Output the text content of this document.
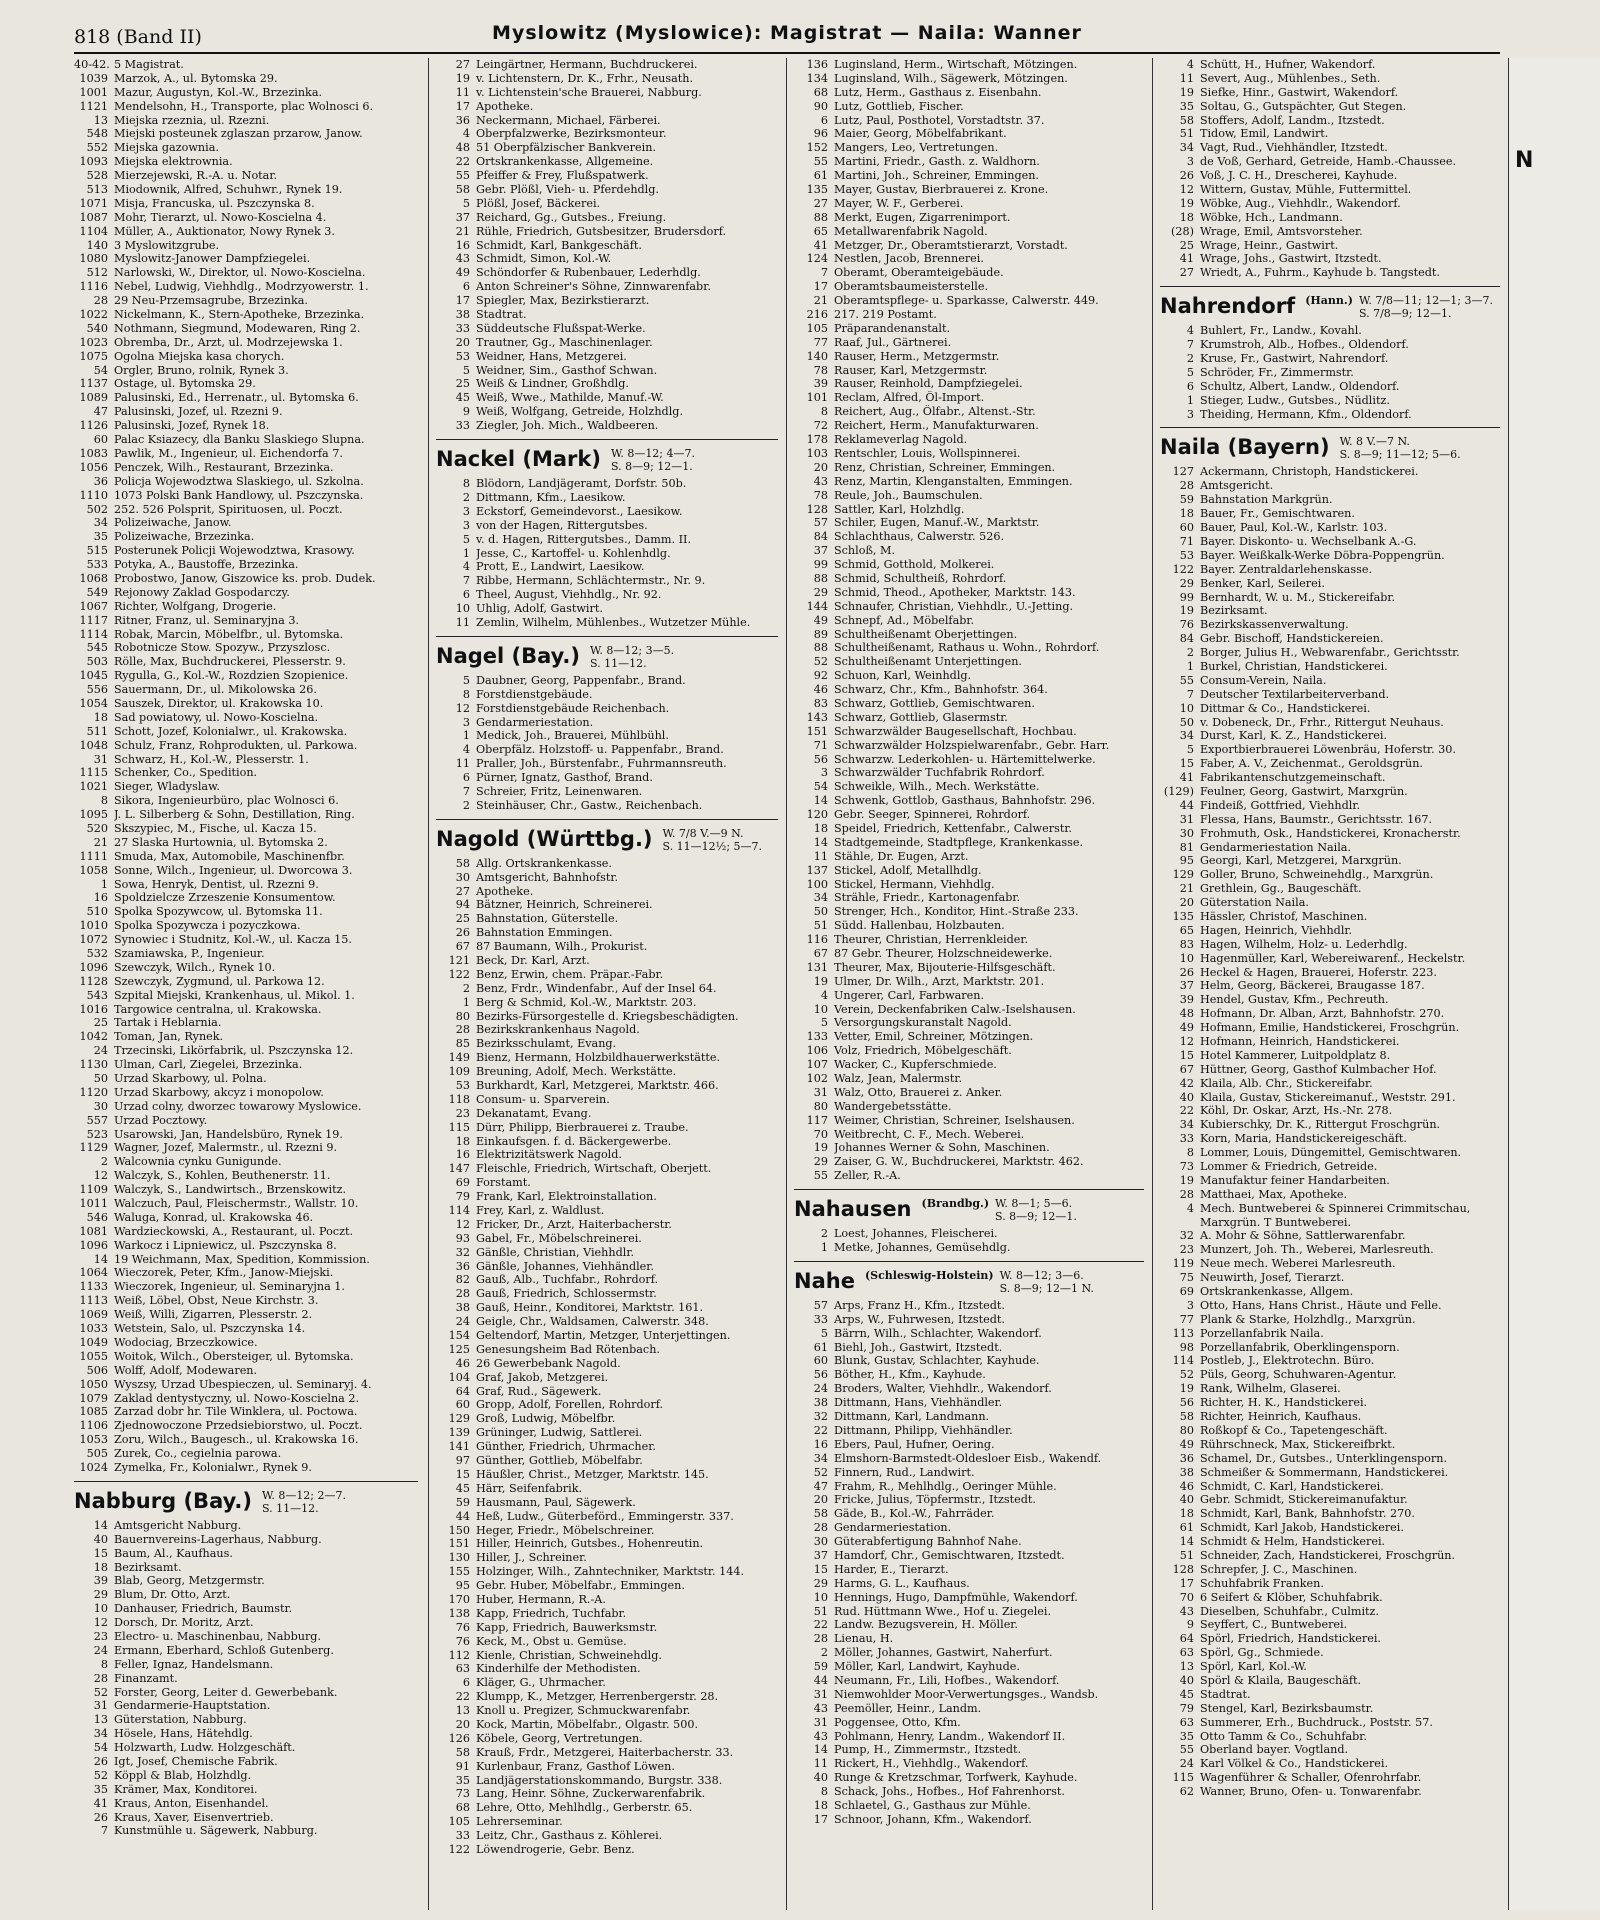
818 (Band II)	Myslowitz (Myslowice): Magistrat — Naila: Wanner
40-42. 5 Magistrat.
1039 Marzok, A., ul. Bytomska 29.
1001 Mazur, Augustyn, Kol.-W., Brzezinka.
1121 Mendelsohn, H., Transporte, plac Wolnosci 6.
13 Miejska rzeznia, ul. Rzezni.
548 Miejski posteunek zglaszan przarow, Janow.
552 Miejska gazownia.
1093 Miejska elektrownia.
528 Mierzejewski, R.-A. u. Notar.
513 Miodownik, Alfred, Schuhwr., Rynek 19.
1071 Misja, Francuska, ul. Pszczynska 8.
1087 Mohr, Tierarzt, ul. Nowo-Koscielna 4.
1104 Müller, A., Auktionator, Nowy Rynek 3.
140 3 Myslowitzgrube.
1080 Myslowitz-Janower Dampfziegelei.
512 Narlowski, W., Direktor, ul. Nowo-Koscielna.
1116 Nebel, Ludwig, Viehhdlg., Modrzyowerstr. 1.
28 29 Neu-Przemsagrube, Brzezinka.
1022 Nickelmann, K., Stern-Apotheke, Brzezinka.
540 Nothmann, Siegmund, Modewaren, Ring 2.
1023 Obremba, Dr., Arzt, ul. Modrzejewska 1.
1075 Ogolna Miejska kasa chorych.
54 Orgler, Bruno, rolnik, Rynek 3.
1137 Ostage, ul. Bytomska 29.
1089 Palusinski, Ed., Herrenatr., ul. Bytomska 6.
47 Palusinski, Jozef, ul. Rzezni 9.
1126 Palusinski, Jozef, Rynek 18.
60 Palac Ksiazecy, dla Banku Slaskiego Slupna.
1083 Pawlik, M., Ingenieur, ul. Eichendorfa 7.
1056 Penczek, Wilh., Restaurant, Brzezinka.
36 Policja Wojewodztwa Slaskiego, ul. Szkolna.
1110 1073 Polski Bank Handlowy, ul. Pszczynska.
502 252. 526 Polsprit, Spirituosen, ul. Poczt.
34 Polizeiwache, Janow.
35 Polizeiwache, Brzezinka.
515 Posterunek Policji Wojewodztwa, Krasowy.
533 Potyka, A., Baustoffe, Brzezinka.
1068 Probostwo, Janow, Giszowice ks. prob. Dudek.
549 Rejonowy Zaklad Gospodarczy.
1067 Richter, Wolfgang, Drogerie.
1117 Ritner, Franz, ul. Seminaryjna 3.
1114 Robak, Marcin, Möbelfbr., ul. Bytomska.
545 Robotnicze Stow. Spozyw., Przyszlosc.
503 Rölle, Max, Buchdruckerei, Plesserstr. 9.
1045 Rygulla, G., Kol.-W., Rozdzien Szopienice.
556 Sauermann, Dr., ul. Mikolowska 26.
1054 Sauszek, Direktor, ul. Krakowska 10.
18 Sad powiatowy, ul. Nowo-Koscielna.
511 Schott, Jozef, Kolonialwr., ul. Krakowska.
1048 Schulz, Franz, Rohprodukten, ul. Parkowa.
31 Schwarz, H., Kol.-W., Plesserstr. 1.
1115 Schenker, Co., Spedition.
1021 Sieger, Wladyslaw.
8 Sikora, Ingenieurbüro, plac Wolnosci 6.
1095 J. L. Silberberg & Sohn, Destillation, Ring.
520 Skszypiec, M., Fische, ul. Kacza 15.
21 27 Slaska Hurtownia, ul. Bytomska 2.
1111 Smuda, Max, Automobile, Maschinenfbr.
1058 Sonne, Wilch., Ingenieur, ul. Dworcowa 3.
1 Sowa, Henryk, Dentist, ul. Rzezni 9.
16 Spoldzielcze Zrzeszenie Konsumentow.
510 Spolka Spozywcow, ul. Bytomska 11.
1010 Spolka Spozywcza i pozyczkowa.
1072 Synowiec i Studnitz, Kol.-W., ul. Kacza 15.
532 Szamiawska, P., Ingenieur.
1096 Szewczyk, Wilch., Rynek 10.
1128 Szewczyk, Zygmund, ul. Parkowa 12.
543 Szpital Miejski, Krankenhaus, ul. Mikol. 1.
1016 Targowice centralna, ul. Krakowska.
25 Tartak i Heblarnia.
1042 Toman, Jan, Rynek.
24 Trzecinski, Likörfabrik, ul. Pszczynska 12.
1130 Ulman, Carl, Ziegelei, Brzezinka.
50 Urzad Skarbowy, ul. Polna.
1120 Urzad Skarbowy, akcyz i monopolow.
30 Urzad colny, dworzec towarowy Myslowice.
557 Urzad Pocztowy.
523 Usarowski, Jan, Handelsbüro, Rynek 19.
1129 Wagner, Jozef, Malermstr., ul. Rzezni 9.
2 Walcownia cynku Gunigunde.
12 Walczyk, S., Kohlen, Beuthenerstr. 11.
1109 Walczyk, S., Landwirtsch., Brzenskowitz.
1011 Walczuch, Paul, Fleischermstr., Wallstr. 10.
546 Waluga, Konrad, ul. Krakowska 46.
1081 Wardzieckowski, A., Restaurant, ul. Poczt.
1096 Warkocz i Lipniewicz, ul. Pszczynska 8.
14 19 Weichmann, Max, Spedition, Kommission.
1064 Wieczorek, Peter, Kfm., Janow-Miejski.
1133 Wieczorek, Ingenieur, ul. Seminaryjna 1.
1113 Weiß, Löbel, Obst, Neue Kirchstr. 3.
1069 Weiß, Willi, Zigarren, Plesserstr. 2.
1033 Wetstein, Salo, ul. Pszczynska 14.
1049 Wodociag, Brzeczkowice.
1055 Woitok, Wilch., Obersteiger, ul. Bytomska.
506 Wolff, Adolf, Modewaren.
1050 Wyszsy, Urzad Ubespieczen, ul. Seminaryj. 4.
1079 Zaklad dentystyczny, ul. Nowo-Koscielna 2.
1085 Zarzad dobr hr. Tile Winklera, ul. Poctowa.
1106 Zjednowoczone Przedsiebiorstwo, ul. Poczt.
1053 Zoru, Wilch., Baugesch., ul. Krakowska 16.
505 Zurek, Co., cegielnia parowa.
1024 Zymelka, Fr., Kolonialwr., Rynek 9.
Nabburg (Bay.) W. 8—12; 2—7.
S. 11—12.
14 Amtsgericht Nabburg.
40 Bauernvereins-Lagerhaus, Nabburg.
15 Baum, Al., Kaufhaus.
18 Bezirksamt.
39 Blab, Georg, Metzgermstr.
29 Blum, Dr. Otto, Arzt.
10 Danhauser, Friedrich, Baumstr.
12 Dorsch, Dr. Moritz, Arzt.
23 Electro- u. Maschinenbau, Nabburg.
24 Ermann, Eberhard, Schloß Gutenberg.
8 Feller, Ignaz, Handelsmann.
28 Finanzamt.
52 Forster, Georg, Leiter d. Gewerbebank.
31 Gendarmerie-Hauptstation.
13 Güterstation, Nabburg.
34 Hösele, Hans, Hätehdlg.
54 Holzwarth, Ludw. Holzgeschäft.
26 Igt, Josef, Chemische Fabrik.
52 Köppl & Blab, Holzhdlg.
35 Krämer, Max, Konditorei.
41 Kraus, Anton, Eisenhandel.
26 Kraus, Xaver, Eisenvertrieb.
7 Kunstmühle u. Sägewerk, Nabburg.
27 Leingärtner, Hermann, Buchdruckerei.
19 v. Lichtenstern, Dr. K., Frhr., Neusath.
11 v. Lichtenstein'sche Brauerei, Nabburg.
17 Apotheke.
36 Neckermann, Michael, Färberei.
4 Oberpfalzwerke, Bezirksmonteur.
48 51 Oberpfälzischer Bankverein.
22 Ortskrankenkasse, Allgemeine.
55 Pfeiffer & Frey, Flußspatwerk.
58 Gebr. Plößl, Vieh- u. Pferdehdlg.
5 Plößl, Josef, Bäckerei.
37 Reichard, Gg., Gutsbes., Freiung.
21 Rühle, Friedrich, Gutsbesitzer, Brudersdorf.
16 Schmidt, Karl, Bankgeschäft.
43 Schmidt, Simon, Kol.-W.
49 Schöndorfer & Rubenbauer, Lederhdlg.
6 Anton Schreiner's Söhne, Zinnwarenfabr.
17 Spiegler, Max, Bezirkstierarzt.
38 Stadtrat.
33 Süddeutsche Flußspat-Werke.
20 Trautner, Gg., Maschinenlager.
53 Weidner, Hans, Metzgerei.
5 Weidner, Sim., Gasthof Schwan.
25 Weiß & Lindner, Großhdlg.
45 Weiß, Wwe., Mathilde, Manuf.-W.
9 Weiß, Wolfgang, Getreide, Holzhdlg.
33 Ziegler, Joh. Mich., Waldbeeren.
Nackel (Mark) W. 8—12; 4—7.
S. 8—9; 12—1.
8 Blödorn, Landjägeramt, Dorfstr. 50b.
2 Dittmann, Kfm., Laesikow.
3 Eckstorf, Gemeindevorst., Laesikow.
3 von der Hagen, Rittergutsbes.
5 v. d. Hagen, Rittergutsbes., Damm. II.
1 Jesse, C., Kartoffel- u. Kohlenhdlg.
4 Prott, E., Landwirt, Laesikow.
7 Ribbe, Hermann, Schlächtermstr., Nr. 9.
6 Theel, August, Viehhdlg., Nr. 92.
10 Uhlig, Adolf, Gastwirt.
11 Zemlin, Wilhelm, Mühlenbes., Wutzetzer Mühle.
Nagel (Bay.) W. 8—12; 3—5.
S. 11—12.
5 Daubner, Georg, Pappenfabr., Brand.
8 Forstdienstgebäude.
12 Forstdienstgebäude Reichenbach.
3 Gendarmeriestation.
1 Medick, Joh., Brauerei, Mühlbühl.
4 Oberpfälz. Holzstoff- u. Pappenfabr., Brand.
11 Praller, Joh., Bürstenfabr., Fuhrmannsreuth.
6 Pürner, Ignatz, Gasthof, Brand.
7 Schreier, Fritz, Leinenwaren.
2 Steinhäuser, Chr., Gastw., Reichenbach.
Nagold (Württbg.) W. 7/8 V.—9 N.
S. 11—12½; 5—7.
58 Allg. Ortskrankenkasse.
30 Amtsgericht, Bahnhofstr.
27 Apotheke.
94 Bätzner, Heinrich, Schreinerei.
25 Bahnstation, Güterstelle.
26 Bahnstation Emmingen.
67 87 Baumann, Wilh., Prokurist.
121 Beck, Dr. Karl, Arzt.
122 Benz, Erwin, chem. Präpar.-Fabr.
2 Benz, Frdr., Windenfabr., Auf der Insel 64.
1 Berg & Schmid, Kol.-W., Marktstr. 203.
80 Bezirks-Fürsorgestelle d. Kriegsbeschädigten.
28 Bezirkskrankenhaus Nagold.
85 Bezirksschulamt, Evang.
149 Bienz, Hermann, Holzbildhauerwerkstätte.
109 Breuning, Adolf, Mech. Werkstätte.
53 Burkhardt, Karl, Metzgerei, Marktstr. 466.
118 Consum- u. Sparverein.
23 Dekanatamt, Evang.
115 Dürr, Philipp, Bierbrauerei z. Traube.
18 Einkaufsgen. f. d. Bäckergewerbe.
16 Elektrizitätswerk Nagold.
147 Fleischle, Friedrich, Wirtschaft, Oberjett.
69 Forstamt.
79 Frank, Karl, Elektroinstallation.
114 Frey, Karl, z. Waldlust.
12 Fricker, Dr., Arzt, Haiterbacherstr.
93 Gabel, Fr., Möbelschreinerei.
32 Gänßle, Christian, Viehhdlr.
36 Gänßle, Johannes, Viehhändler.
82 Gauß, Alb., Tuchfabr., Rohrdorf.
28 Gauß, Friedrich, Schlossermstr.
38 Gauß, Heinr., Konditorei, Marktstr. 161.
24 Geigle, Chr., Waldsamen, Calwerstr. 348.
154 Geltendorf, Martin, Metzger, Unterjettingen.
125 Genesungsheim Bad Rötenbach.
46 26 Gewerbebank Nagold.
104 Graf, Jakob, Metzgerei.
64 Graf, Rud., Sägewerk.
60 Gropp, Adolf, Forellen, Rohrdorf.
129 Groß, Ludwig, Möbelfbr.
139 Grüninger, Ludwig, Sattlerei.
141 Günther, Friedrich, Uhrmacher.
97 Günther, Gottlieb, Möbelfabr.
15 Häußler, Christ., Metzger, Marktstr. 145.
45 Härr, Seifenfabrik.
59 Hausmann, Paul, Sägewerk.
44 Heß, Ludw., Güterbeförd., Emmingerstr. 337.
150 Heger, Friedr., Möbelschreiner.
151 Hiller, Heinrich, Gutsbes., Hohenreutin.
130 Hiller, J., Schreiner.
155 Holzinger, Wilh., Zahntechniker, Marktstr. 144.
95 Gebr. Huber, Möbelfabr., Emmingen.
170 Huber, Hermann, R.-A.
138 Kapp, Friedrich, Tuchfabr.
76 Kapp, Friedrich, Bauwerksmstr.
76 Keck, M., Obst u. Gemüse.
112 Kienle, Christian, Schweinehdlg.
63 Kinderhilfe der Methodisten.
6 Kläger, G., Uhrmacher.
22 Klumpp, K., Metzger, Herrenbergerstr. 28.
13 Knoll u. Pregizer, Schmuckwarenfabr.
20 Kock, Martin, Möbelfabr., Olgastr. 500.
126 Köbele, Georg, Vertretungen.
58 Krauß, Frdr., Metzgerei, Haiterbacherstr. 33.
91 Kurlenbaur, Franz, Gasthof Löwen.
35 Landjägerstationskommando, Burgstr. 338.
73 Lang, Heinr. Söhne, Zuckerwarenfabrik.
68 Lehre, Otto, Mehlhdlg., Gerberstr. 65.
105 Lehrerseminar.
33 Leitz, Chr., Gasthaus z. Köhlerei.
122 Löwendrogerie, Gebr. Benz.
136 Luginsland, Herm., Wirtschaft, Mötzingen.
134 Luginsland, Wilh., Sägewerk, Mötzingen.
68 Lutz, Herm., Gasthaus z. Eisenbahn.
90 Lutz, Gottlieb, Fischer.
6 Lutz, Paul, Posthotel, Vorstadtstr. 37.
96 Maier, Georg, Möbelfabrikant.
152 Mangers, Leo, Vertretungen.
55 Martini, Friedr., Gasth. z. Waldhorn.
61 Martini, Joh., Schreiner, Emmingen.
135 Mayer, Gustav, Bierbrauerei z. Krone.
27 Mayer, W. F., Gerberei.
88 Merkt, Eugen, Zigarrenimport.
65 Metallwarenfabrik Nagold.
41 Metzger, Dr., Oberamtstierarzt, Vorstadt.
124 Nestlen, Jacob, Brennerei.
7 Oberamt, Oberamteigebäude.
17 Oberamtsbaumeisterstelle.
21 Oberamtspflege- u. Sparkasse, Calwerstr. 449.
216 217. 219 Postamt.
105 Präparandenanstalt.
77 Raaf, Jul., Gärtnerei.
140 Rauser, Herm., Metzgermstr.
78 Rauser, Karl, Metzgermstr.
39 Rauser, Reinhold, Dampfziegelei.
101 Reclam, Alfred, Öl-Import.
8 Reichert, Aug., Ölfabr., Altenst.-Str.
72 Reichert, Herm., Manufakturwaren.
178 Reklameverlag Nagold.
103 Rentschler, Louis, Wollspinnerei.
20 Renz, Christian, Schreiner, Emmingen.
43 Renz, Martin, Klenganstalten, Emmingen.
78 Reule, Joh., Baumschulen.
128 Sattler, Karl, Holzhdlg.
57 Schiler, Eugen, Manuf.-W., Marktstr.
84 Schlachthaus, Calwerstr. 526.
37 Schloß, M.
99 Schmid, Gotthold, Molkerei.
88 Schmid, Schultheiß, Rohrdorf.
29 Schmid, Theod., Apotheker, Marktstr. 143.
144 Schnaufer, Christian, Viehhdlr., U.-Jetting.
49 Schnepf, Ad., Möbelfabr.
89 Schultheißenamt Oberjettingen.
88 Schultheißenamt, Rathaus u. Wohn., Rohrdorf.
52 Schultheißenamt Unterjettingen.
92 Schuon, Karl, Weinhdlg.
46 Schwarz, Chr., Kfm., Bahnhofstr. 364.
83 Schwarz, Gottlieb, Gemischtwaren.
143 Schwarz, Gottlieb, Glasermstr.
151 Schwarzwälder Baugesellschaft, Hochbau.
71 Schwarzwälder Holzspielwarenfabr., Gebr. Harr.
56 Schwarzw. Lederkohlen- u. Härtemittelwerke.
3 Schwarzwälder Tuchfabrik Rohrdorf.
54 Schweikle, Wilh., Mech. Werkstätte.
14 Schwenk, Gottlob, Gasthaus, Bahnhofstr. 296.
120 Gebr. Seeger, Spinnerei, Rohrdorf.
18 Speidel, Friedrich, Kettenfabr., Calwerstr.
14 Stadtgemeinde, Stadtpflege, Krankenkasse.
11 Stähle, Dr. Eugen, Arzt.
137 Stickel, Adolf, Metallhdlg.
100 Stickel, Hermann, Viehhdlg.
34 Strähle, Friedr., Kartonagenfabr.
50 Strenger, Hch., Konditor, Hint.-Straße 233.
51 Südd. Hallenbau, Holzbauten.
116 Theurer, Christian, Herrenkleider.
67 87 Gebr. Theurer, Holzschneidewerke.
131 Theurer, Max, Bijouterie-Hilfsgeschäft.
19 Ulmer, Dr. Wilh., Arzt, Marktstr. 201.
4 Ungerer, Carl, Farbwaren.
10 Verein, Deckenfabriken Calw.-Iselshausen.
5 Versorgungskuranstalt Nagold.
133 Vetter, Emil, Schreiner, Mötzingen.
106 Volz, Friedrich, Möbelgeschäft.
107 Wacker, C., Kupferschmiede.
102 Walz, Jean, Malermstr.
31 Walz, Otto, Brauerei z. Anker.
80 Wandergebetsstätte.
117 Weimer, Christian, Schreiner, Iselshausen.
70 Weitbrecht, C. F., Mech. Weberei.
19 Johannes Werner & Sohn, Maschinen.
29 Zaiser, G. W., Buchdruckerei, Marktstr. 462.
55 Zeller, R.-A.
Nahausen (Brandbg.) W. 8—1; 5—6.
S. 8—9; 12—1.
2 Loest, Johannes, Fleischerei.
1 Metke, Johannes, Gemüsehdlg.
Nahe (Schleswig-Holstein) W. 8—12; 3—6.
S. 8—9; 12—1 N.
57 Arps, Franz H., Kfm., Itzstedt.
33 Arps, W., Fuhrwesen, Itzstedt.
5 Bärrn, Wilh., Schlachter, Wakendorf.
61 Biehl, Joh., Gastwirt, Itzstedt.
60 Blunk, Gustav, Schlachter, Kayhude.
56 Böther, H., Kfm., Kayhude.
24 Broders, Walter, Viehhdlr., Wakendorf.
38 Dittmann, Hans, Viehhändler.
32 Dittmann, Karl, Landmann.
22 Dittmann, Philipp, Viehhändler.
16 Ebers, Paul, Hufner, Oering.
34 Elmshorn-Barmstedt-Oldesloer Eisb., Wakendf.
52 Finnern, Rud., Landwirt.
47 Frahm, R., Mehlhdlg., Oeringer Mühle.
20 Fricke, Julius, Töpfermstr., Itzstedt.
58 Gäde, B., Kol.-W., Fahrräder.
28 Gendarmeriestation.
30 Güterabfertigung Bahnhof Nahe.
37 Hamdorf, Chr., Gemischtwaren, Itzstedt.
15 Harder, E., Tierarzt.
29 Harms, G. L., Kaufhaus.
10 Hennings, Hugo, Dampfmühle, Wakendorf.
51 Rud. Hüttmann Wwe., Hof u. Ziegelei.
22 Landw. Bezugsverein, H. Möller.
28 Lienau, H.
2 Möller, Johannes, Gastwirt, Naherfurt.
59 Möller, Karl, Landwirt, Kayhude.
44 Neumann, Fr., Lili, Hofbes., Wakendorf.
31 Niemwohlder Moor-Verwertungsges., Wandsb.
43 Peemöller, Heinr., Landm.
31 Poggensee, Otto, Kfm.
43 Pohlmann, Henry, Landm., Wakendorf II.
14 Pump, H., Zimmermstr., Itzstedt.
11 Rickert, H., Viehhdlg., Wakendorf.
40 Runge & Kretzschmar, Torfwerk, Kayhude.
8 Schack, Johs., Hofbes., Hof Fahrenhorst.
18 Schlaetel, G., Gasthaus zur Mühle.
17 Schnoor, Johann, Kfm., Wakendorf.
4 Schütt, H., Hufner, Wakendorf.
11 Severt, Aug., Mühlenbes., Seth.
19 Siefke, Hinr., Gastwirt, Wakendorf.
35 Soltau, G., Gutspächter, Gut Stegen.
58 Stoffers, Adolf, Landm., Itzstedt.
51 Tidow, Emil, Landwirt.
34 Vagt, Rud., Viehhändler, Itzstedt.
3 de Voß, Gerhard, Getreide, Hamb.-Chaussee.
26 Voß, J. C. H., Drescherei, Kayhude.
12 Wittern, Gustav, Mühle, Futtermittel.
19 Wöbke, Aug., Viehhdlr., Wakendorf.
18 Wöbke, Hch., Landmann.
(28) Wrage, Emil, Amtsvorsteher.
25 Wrage, Heinr., Gastwirt.
41 Wrage, Johs., Gastwirt, Itzstedt.
27 Wriedt, A., Fuhrm., Kayhude b. Tangstedt.
Nahrendorf (Hann.) W. 7/8—11; 12—1; 3—7.
S. 7/8—9; 12—1.
4 Buhlert, Fr., Landw., Kovahl.
7 Krumstroh, Alb., Hofbes., Oldendorf.
2 Kruse, Fr., Gastwirt, Nahrendorf.
5 Schröder, Fr., Zimmermstr.
6 Schultz, Albert, Landw., Oldendorf.
1 Stieger, Ludw., Gutsbes., Nüdlitz.
3 Theiding, Hermann, Kfm., Oldendorf.
Naila (Bayern) W. 8 V.—7 N.
S. 8—9; 11—12; 5—6.
127 Ackermann, Christoph, Handstickerei.
28 Amtsgericht.
59 Bahnstation Markgrün.
18 Bauer, Fr., Gemischtwaren.
60 Bauer, Paul, Kol.-W., Karlstr. 103.
71 Bayer. Diskonto- u. Wechselbank A.-G.
53 Bayer. Weißkalk-Werke Döbra-Poppengrün.
122 Bayer. Zentraldarlehenskasse.
29 Benker, Karl, Seilerei.
99 Bernhardt, W. u. M., Stickereifabr.
19 Bezirksamt.
76 Bezirkskassenverwaltung.
84 Gebr. Bischoff, Handstickereien.
2 Borger, Julius H., Webwarenfabr., Gerichtsstr.
1 Burkel, Christian, Handstickerei.
55 Consum-Verein, Naila.
7 Deutscher Textilarbeiterverband.
10 Dittmar & Co., Handstickerei.
50 v. Dobeneck, Dr., Frhr., Rittergut Neuhaus.
34 Durst, Karl, K. Z., Handstickerei.
5 Exportbierbrauerei Löwenbräu, Hoferstr. 30.
15 Faber, A. V., Zeichenmat., Geroldsgrün.
41 Fabrikantenschutzgemeinschaft.
(129) Feulner, Georg, Gastwirt, Marxgrün.
44 Findeiß, Gottfried, Viehhdlr.
31 Flessa, Hans, Baumstr., Gerichtsstr. 167.
30 Frohmuth, Osk., Handstickerei, Kronacherstr.
81 Gendarmeriestation Naila.
95 Georgi, Karl, Metzgerei, Marxgrün.
129 Goller, Bruno, Schweinehdlg., Marxgrün.
21 Grethlein, Gg., Baugeschäft.
20 Güterstation Naila.
135 Hässler, Christof, Maschinen.
65 Hagen, Heinrich, Viehhdlr.
83 Hagen, Wilhelm, Holz- u. Lederhdlg.
10 Hagenmüller, Karl, Webereiwarenf., Heckelstr.
26 Heckel & Hagen, Brauerei, Hoferstr. 223.
37 Helm, Georg, Bäckerei, Braugasse 187.
39 Hendel, Gustav, Kfm., Pechreuth.
48 Hofmann, Dr. Alban, Arzt, Bahnhofstr. 270.
49 Hofmann, Emilie, Handstickerei, Froschgrün.
12 Hofmann, Heinrich, Handstickerei.
15 Hotel Kammerer, Luitpoldplatz 8.
67 Hüttner, Georg, Gasthof Kulmbacher Hof.
42 Klaila, Alb. Chr., Stickereifabr.
40 Klaila, Gustav, Stickereimanuf., Weststr. 291.
22 Köhl, Dr. Oskar, Arzt, Hs.-Nr. 278.
34 Kubierschky, Dr. K., Rittergut Froschgrün.
33 Korn, Maria, Handstickereigeschäft.
8 Lommer, Louis, Düngemittel, Gemischtwaren.
73 Lommer & Friedrich, Getreide.
19 Manufaktur feiner Handarbeiten.
28 Matthaei, Max, Apotheke.
4 Mech. Buntweberei & Spinnerei Crimmitschau,
Marxgrün. T Buntweberei.
32 A. Mohr & Söhne, Sattlerwarenfabr.
23 Munzert, Joh. Th., Weberei, Marlesreuth.
119 Neue mech. Weberei Marlesreuth.
75 Neuwirth, Josef, Tierarzt.
69 Ortskrankenkasse, Allgem.
3 Otto, Hans, Hans Christ., Häute und Felle.
77 Plank & Starke, Holzhdlg., Marxgrün.
113 Porzellanfabrik Naila.
98 Porzellanfabrik, Oberklingensporn.
114 Postleb, J., Elektrotechn. Büro.
52 Püls, Georg, Schuhwaren-Agentur.
19 Rank, Wilhelm, Glaserei.
56 Richter, H. K., Handstickerei.
58 Richter, Heinrich, Kaufhaus.
80 Roßkopf & Co., Tapetengeschäft.
49 Rührschneck, Max, Stickereifbrkt.
36 Schamel, Dr., Gutsbes., Unterklingensporn.
38 Schmeißer & Sommermann, Handstickerei.
46 Schmidt, C. Karl, Handstickerei.
40 Gebr. Schmidt, Stickereimanufaktur.
18 Schmidt, Karl, Bank, Bahnhofstr. 270.
61 Schmidt, Karl Jakob, Handstickerei.
14 Schmidt & Helm, Handstickerei.
51 Schneider, Zach, Handstickerei, Froschgrün.
128 Schrepfer, J. C., Maschinen.
17 Schuhfabrik Franken.
70 6 Seifert & Klöber, Schuhfabrik.
43 Dieselben, Schuhfabr., Culmitz.
9 Seyffert, C., Buntweberei.
64 Spörl, Friedrich, Handstickerei.
63 Spörl, Gg., Schmiede.
13 Spörl, Karl, Kol.-W.
40 Spörl & Klaila, Baugeschäft.
45 Stadtrat.
79 Stengel, Karl, Bezirksbaumstr.
63 Summerer, Erh., Buchdruck., Poststr. 57.
35 Otto Tamm & Co., Schuhfabr.
55 Oberland bayer. Vogtland.
24 Karl Völkel & Co., Handstickerei.
115 Wagenführer & Schaller, Ofenrohrfabr.
62 Wanner, Bruno, Ofen- u. Tonwarenfabr.
N
